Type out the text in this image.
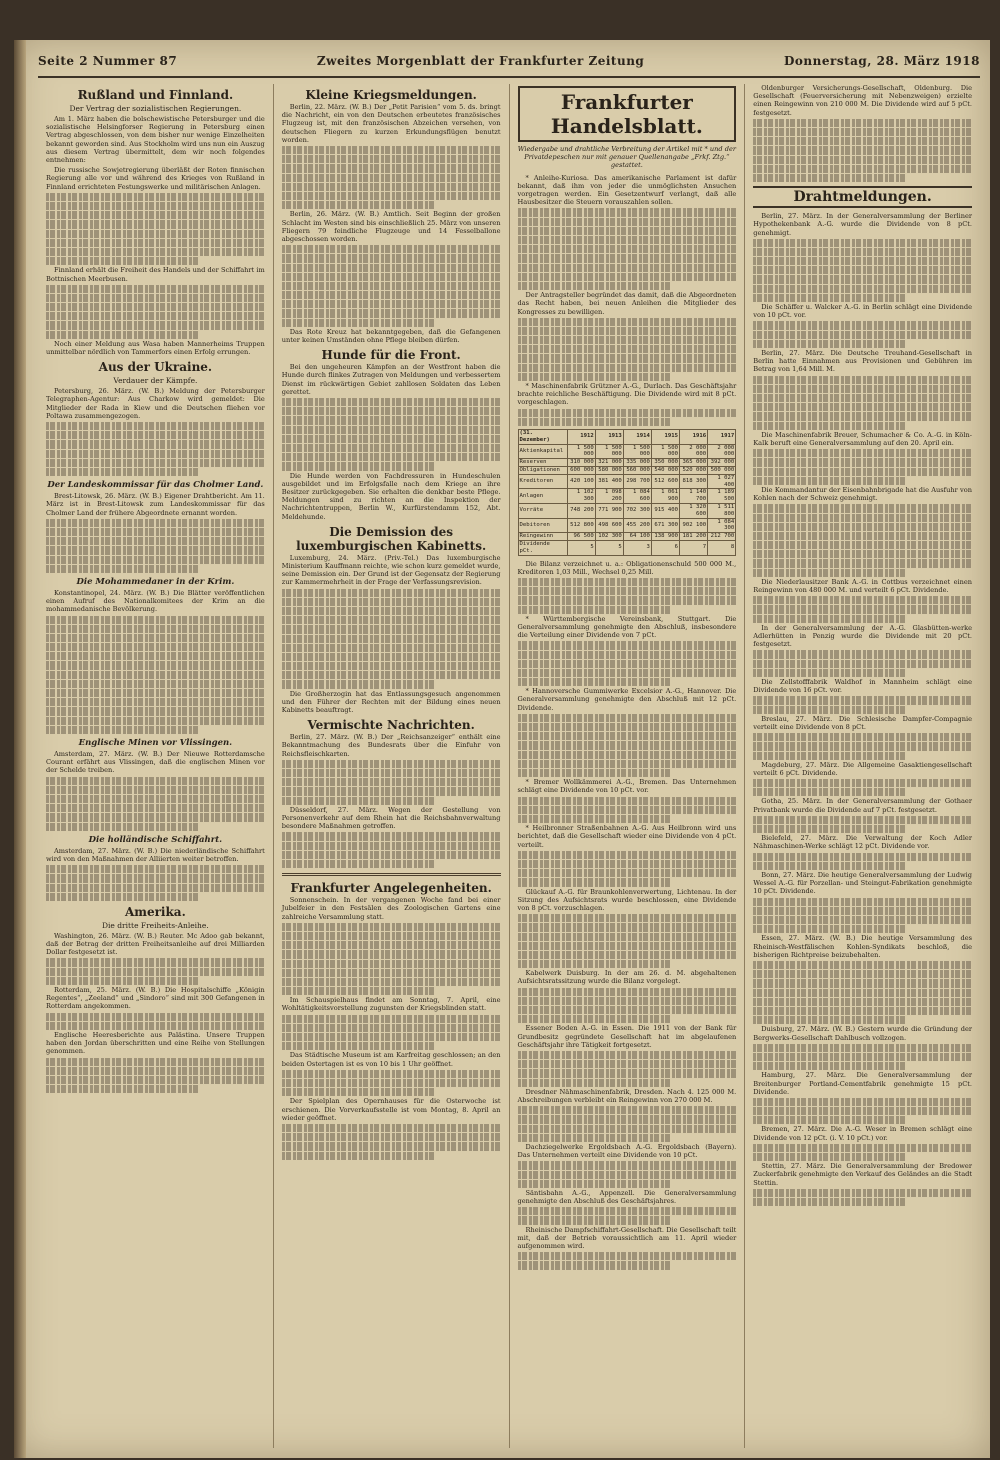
Seite 2 Nummer 87	Zweites Morgenblatt der Frankfurter Zeitung	Donnerstag, 28. März 1918
Rußland und Finnland.
Der Vertrag der sozialistischen Regierungen.

Am 1. März haben die bolschewistische Petersburger und die sozialistische Helsingforser Regierung in Petersburg einen Vertrag abgeschlossen, von dem bisher nur wenige Einzelheiten bekannt geworden sind. Aus Stockholm wird uns nun ein Auszug aus diesem Vertrag übermittelt, dem wir noch folgendes entnehmen:

Die russische Sowjetregierung überläßt der Roten finnischen Regierung alle vor und während des Krieges von Rußland in Finnland errichteten Festungswerke und militärischen Anlagen.

Finnland erhält die Freiheit des Handels und der Schiffahrt im Bottnischen Meerbusen.

Noch einer Meldung aus Wasa haben Mannerheims Truppen unmittelbar nördlich von Tammerfors einen Erfolg errungen.

Aus der Ukraine.
Verdauer der Kämpfe.

Petersburg, 26. März. (W. B.) Meldung der Petersburger Telegraphen-Agentur: Aus Charkow wird gemeldet: Die Mitglieder der Rada in Kiew und die Deutschen fliehen vor Poltawa zusammengezogen.

Der Landeskommissar für das Cholmer Land.

Brest-Litowsk, 26. März. (W. B.) Eigener Drahtbericht. Am 11. März ist in Brest-Litowsk zum Landeskommissar für das Cholmer Land der frühere Abgeordnete ernannt worden.

Die Mohammedaner in der Krim.

Konstantinopel, 24. März. (W. B.) Die Blätter veröffentlichen einen Aufruf des Nationalkomitees der Krim an die mohammedanische Bevölkerung.

Englische Minen vor Vlissingen.

Amsterdam, 27. März. (W. B.) Der Nieuwe Rotterdamsche Courant erfährt aus Vlissingen, daß die englischen Minen vor der Schelde treiben.

Die holländische Schiffahrt.

Amsterdam, 27. März. (W. B.) Die niederländische Schiffahrt wird von den Maßnahmen der Alliierten weiter betroffen.

Amerika.
Die dritte Freiheits-Anleihe.

Washington, 26. März. (W. B.) Reuter. Mc Adoo gab bekannt, daß der Betrag der dritten Freiheitsanleihe auf drei Milliarden Dollar festgesetzt ist.

Rotterdam, 25. März. (W. B.) Die Hospitalschiffe „Königin Regentes“, „Zeeland“ und „Sindoro“ sind mit 300 Gefangenen in Rotterdam angekommen.

Englische Heeresberichte aus Palästina. Unsere Truppen haben den Jordan überschritten und eine Reihe von Stellungen genommen.

Kleine Kriegsmeldungen.

Berlin, 22. März. (W. B.) Der „Petit Parisien“ vom 5. ds. bringt die Nachricht, ein von den Deutschen erbeutetes französisches Flugzeug ist, mit den französischen Abzeichen versehen, von deutschen Fliegern zu kurzen Erkundungsflügen benutzt worden.

Berlin, 26. März. (W. B.) Amtlich. Seit Beginn der großen Schlacht im Westen sind bis einschließlich 25. März von unseren Fliegern 79 feindliche Flugzeuge und 14 Fesselballone abgeschossen worden.

Das Rote Kreuz hat bekanntgegeben, daß die Gefangenen unter keinen Umständen ohne Pflege bleiben dürfen.

Hunde für die Front.

Bei den ungeheuren Kämpfen an der Westfront haben die Hunde durch flinkes Zutragen von Meldungen und verbessertem Dienst im rückwärtigen Gebiet zahllosen Soldaten das Leben gerettet.

Die Hunde werden von Fachdressuren in Hundeschulen ausgebildet und im Erfolgsfalle nach dem Kriege an ihre Besitzer zurückgegeben. Sie erhalten die denkbar beste Pflege. Meldungen sind zu richten an die Inspektion der Nachrichtentruppen, Berlin W., Kurfürstendamm 152, Abt. Meldehunde.

Die Demission des luxemburgischen Kabinetts.

Luxemburg, 24. März. (Priv.-Tel.) Das luxemburgische Ministerium Kauffmann reichte, wie schon kurz gemeldet wurde, seine Demission ein. Der Grund ist der Gegensatz der Regierung zur Kammermehrheit in der Frage der Verfassungsrevision.

Die Großherzogin hat das Entlassungsgesuch angenommen und den Führer der Rechten mit der Bildung eines neuen Kabinetts beauftragt.

Vermischte Nachrichten.

Berlin, 27. März. (W. B.) Der „Reichsanzeiger“ enthält eine Bekanntmachung des Bundesrats über die Einfuhr von Reichsfleischkarten.

Düsseldorf, 27. März. Wegen der Gestellung von Personenverkehr auf dem Rhein hat die Reichsbahnverwaltung besondere Maßnahmen getroffen.

Frankfurter Angelegenheiten.

Sonnenschein. In der vergangenen Woche fand bei einer Jubelfeier in den Festsälen des Zoologischen Gartens eine zahlreiche Versammlung statt.

Im Schauspielhaus findet am Sonntag, 7. April, eine Wohltätigkeitsvorstellung zugunsten der Kriegsblinden statt.

Das Städtische Museum ist am Karfreitag geschlossen; an den beiden Ostertagen ist es von 10 bis 1 Uhr geöffnet.

Der Spielplan des Opernhauses für die Osterwoche ist erschienen. Die Vorverkaufsstelle ist vom Montag, 8. April an wieder geöffnet.

Frankfurter Handelsblatt.
Wiedergabe und drahtliche Verbreitung der Artikel mit * und der Privatdepeschen nur mit genauer Quellenangabe „Frkf. Ztg.“ gestattet.

* Anleihe-Kuriosa. Das amerikanische Parlament ist dafür bekannt, daß ihm von jeder die unmöglichsten Ansuchen vorgetragen werden. Ein Gesetzentwurf verlangt, daß alle Hausbesitzer die Steuern vorauszahlen sollen.

Der Antragsteller begründet das damit, daß die Abgeordneten das Recht haben, bei neuen Anleihen die Mitglieder des Kongresses zu bewilligen.

* Maschinenfabrik Grützner A.-G., Durlach. Das Geschäftsjahr brachte reichliche Beschäftigung. Die Dividende wird mit 8 pCt. vorgeschlagen.

(31. Dezember)	1912	1913	1914	1915	1916	1917
Aktienkapital	1 500 000	1 500 000	1 500 000	1 500 000	2 000 000	2 000 000
Reserven	310 000	321 000	335 000	350 000	365 000	392 000
Obligationen	600 000	580 000	560 000	540 000	520 000	500 000
Kreditoren	420 100	381 400	298 700	512 600	818 300	1 027 400
Anlagen	1 102 300	1 098 200	1 084 600	1 061 900	1 140 700	1 189 500
Vorräte	748 200	771 900	702 300	915 400	1 320 600	1 511 800
Debitoren	512 800	498 600	455 200	671 300	902 100	1 084 300
Reingewinn	96 500	102 300	64 100	138 900	181 200	212 700
Dividende pCt.	5	5	3	6	7	8

Die Bilanz verzeichnet u. a.: Obligationenschuld 500 000 M., Kreditoren 1,03 Mill., Wechsel 0,25 Mill.

* Württembergische Vereinsbank, Stuttgart. Die Generalversammlung genehmigte den Abschluß, insbesondere die Verteilung einer Dividende von 7 pCt.

* Hannoversche Gummiwerke Excelsior A.-G., Hannover. Die Generalversammlung genehmigte den Abschluß mit 12 pCt. Dividende.

* Bremer Wollkämmerei A.-G., Bremen. Das Unternehmen schlägt eine Dividende von 10 pCt. vor.

* Heilbronner Straßenbahnen A.-G. Aus Heilbronn wird uns berichtet, daß die Gesellschaft wieder eine Dividende von 4 pCt. verteilt.

Glückauf A.-G. für Braunkohlenverwertung, Lichtenau. In der Sitzung des Aufsichtsrats wurde beschlossen, eine Dividende von 8 pCt. vorzuschlagen.

Kabelwerk Duisburg. In der am 26. d. M. abgehaltenen Aufsichtsratssitzung wurde die Bilanz vorgelegt.

Essener Boden A.-G. in Essen. Die 1911 von der Bank für Grundbesitz gegründete Gesellschaft hat im abgelaufenen Geschäftsjahr ihre Tätigkeit fortgesetzt.

Dresdner Nähmaschinenfabrik, Dresden. Nach 4. 125 000 M. Abschreibungen verbleibt ein Reingewinn von 270 000 M.

Dachziegelwerke Ergoldsbach A.-G. Ergoldsbach (Bayern). Das Unternehmen verteilt eine Dividende von 10 pCt.

Säntisbahn A.-G., Appenzell. Die Generalversammlung genehmigte den Abschluß des Geschäftsjahres.

Rheinische Dampfschiffahrt-Gesellschaft. Die Gesellschaft teilt mit, daß der Betrieb voraussichtlich am 11. April wieder aufgenommen wird.

Oldenburger Versicherungs-Gesellschaft, Oldenburg. Die Gesellschaft (Feuerversicherung mit Nebenzweigen) erzielte einen Reingewinn von 210 000 M. Die Dividende wird auf 5 pCt. festgesetzt.

Drahtmeldungen.

Berlin, 27. März. In der Generalversammlung der Berliner Hypothekenbank A.-G. wurde die Dividende von 8 pCt. genehmigt.

Die Schäffer u. Walcker A.-G. in Berlin schlägt eine Dividende von 10 pCt. vor.

Berlin, 27. März. Die Deutsche Treuhand-Gesellschaft in Berlin hatte Einnahmen aus Provisionen und Gebühren im Betrag von 1,64 Mill. M.

Die Maschinenfabrik Breuer, Schumacher & Co. A.-G. in Köln-Kalk beruft eine Generalversammlung auf den 20. April ein.

Die Kommandantur der Eisenbahnbrigade hat die Ausfuhr von Kohlen nach der Schweiz genehmigt.

Die Niederlausitzer Bank A.-G. in Cottbus verzeichnet einen Reingewinn von 480 000 M. und verteilt 6 pCt. Dividende.

In der Generalversammlung der A.-G. Glasbütten-werke Adlerhütten in Penzig wurde die Dividende mit 20 pCt. festgesetzt.

Die Zellstofffabrik Waldhof in Mannheim schlägt eine Dividende von 16 pCt. vor.

Breslau, 27. März. Die Schlesische Dampfer-Compagnie verteilt eine Dividende von 8 pCt.

Magdeburg, 27. März. Die Allgemeine Gasaktiengesellschaft verteilt 6 pCt. Dividende.

Gotha, 25. März. In der Generalversammlung der Gothaer Privatbank wurde die Dividende auf 7 pCt. festgesetzt.

Bielefeld, 27. März. Die Verwaltung der Koch Adler Nähmaschinen-Werke schlägt 12 pCt. Dividende vor.

Bonn, 27. März. Die heutige Generalversammlung der Ludwig Wessel A.-G. für Porzellan- und Steingut-Fabrikation genehmigte 10 pCt. Dividende.

Essen, 27. März. (W. B.) Die heutige Versammlung des Rheinisch-Westfälischen Kohlen-Syndikats beschloß, die bisherigen Richtpreise beizubehalten.

Duisburg, 27. März. (W. B.) Gestern wurde die Gründung der Bergwerks-Gesellschaft Dahlbusch vollzogen.

Hamburg, 27. März. Die Generalversammlung der Breitenburger Portland-Cementfabrik genehmigte 15 pCt. Dividende.

Bremen, 27. März. Die A.-G. Weser in Bremen schlägt eine Dividende von 12 pCt. (i. V. 10 pCt.) vor.

Stettin, 27. März. Die Generalversammlung der Bredower Zuckerfabrik genehmigte den Verkauf des Geländes an die Stadt Stettin.
